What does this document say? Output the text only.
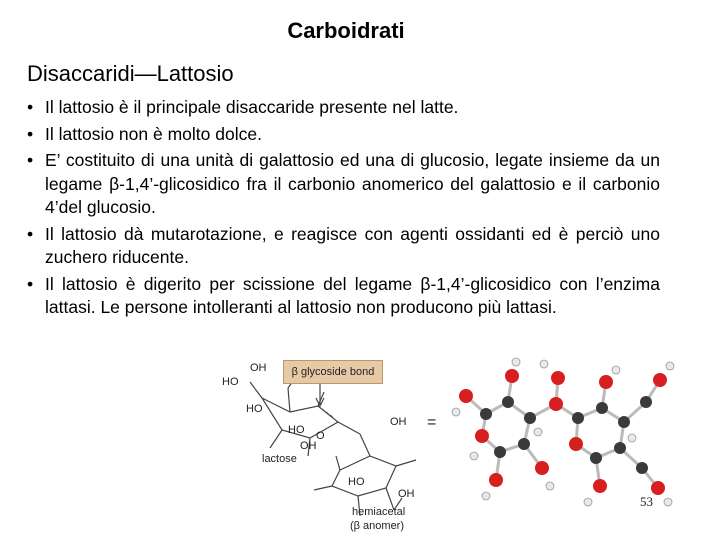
Carboidrati
Disaccaridi—Lattosio
• Il lattosio è il principale disaccaride presente nel latte.
• Il lattosio non è molto dolce.
• E’ costituito di una unità di galattosio ed una di glucosio, legate insieme da un legame β-1,4’-glicosidico fra il carbonio anomerico del galattosio e il carbonio 4’del glucosio.
• Il lattosio dà mutarotazione, e reagisce con agenti ossidanti ed è perciò uno zuchero riducente.
• Il lattosio è digerito per scissione del legame β-1,4’-glicosidico con l’enzima lattasi. Le persone intolleranti al lattosio non producono più lattasi.
β glycoside bond
OH
HO
HO
HO
OH
O
HO
OH
OH
lactose
hemiacetal
(β anomer)
=
53
